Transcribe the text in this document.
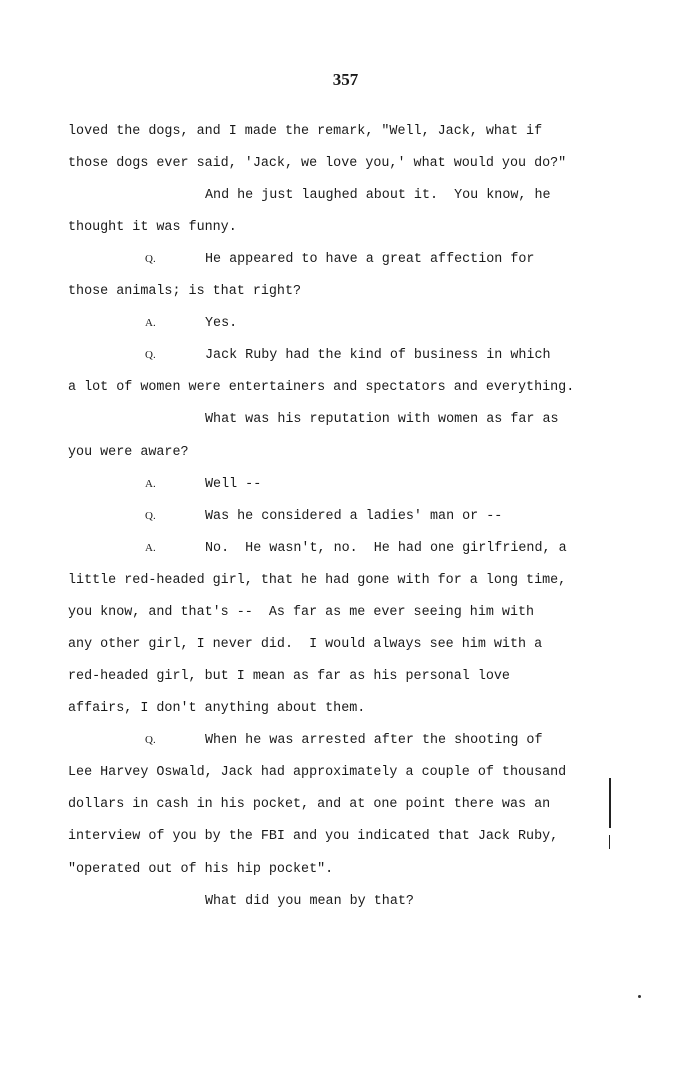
357
loved the dogs, and I made the remark, "Well, Jack, what if
those dogs ever said, 'Jack, we love you,' what would you do?"
And he just laughed about it.  You know, he
thought it was funny.
Q.	He appeared to have a great affection for
those animals; is that right?
A.	Yes.
Q.	Jack Ruby had the kind of business in which
a lot of women were entertainers and spectators and everything.
What was his reputation with women as far as
you were aware?
A.	Well --
Q.	Was he considered a ladies' man or --
A.	No.  He wasn't, no.  He had one girlfriend, a
little red-headed girl, that he had gone with for a long time,
you know, and that's --  As far as me ever seeing him with
any other girl, I never did.  I would always see him with a
red-headed girl, but I mean as far as his personal love
affairs, I don't anything about them.
Q.	When he was arrested after the shooting of
Lee Harvey Oswald, Jack had approximately a couple of thousand
dollars in cash in his pocket, and at one point there was an
interview of you by the FBI and you indicated that Jack Ruby,
"operated out of his hip pocket".
What did you mean by that?
